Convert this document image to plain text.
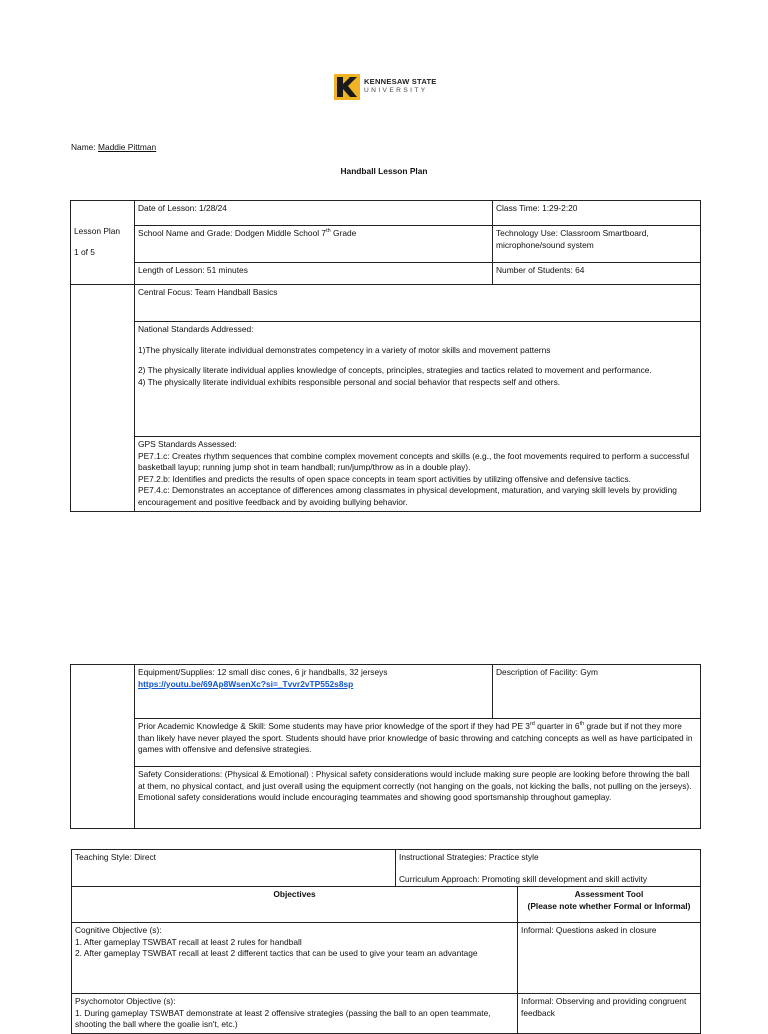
KENNESAW STATE
UNIVERSITY
Name: Maddie Pittman
Handball Lesson Plan
Lesson Plan
1 of 5	Date of Lesson: 1/28/24	Class Time: 1:29-2:20
	School Name and Grade: Dodgen Middle School 7th Grade	Technology Use: Classroom Smartboard, microphone/sound system
	Length of Lesson: 51 minutes	Number of Students: 64
	Central Focus: Team Handball Basics	

	National Standards Addressed:

1)The physically literate individual demonstrates competency in a variety of motor skills and movement patterns

2) The physically literate individual applies knowledge of concepts, principles, strategies and tactics related to movement and performance.

4) The physically literate individual exhibits responsible personal and social behavior that respects self and others.	

	GPS Standards Assessed:

PE7.1.c: Creates rhythm sequences that combine complex movement concepts and skills (e.g., the foot movements required to perform a successful basketball layup; running jump shot in team handball; run/jump/throw as in a double play).

PE7.2.b: Identifies and predicts the results of open space concepts in team sport activities by utilizing offensive and defensive tactics.

PE7.4.c: Demonstrates an acceptance of differences among classmates in physical development, maturation, and varying skill levels by providing encouragement and positive feedback and by avoiding bullying behavior.	

Equipment/Supplies: 12 small disc cones, 6 jr handballs, 32 jerseys

https://youtu.be/69Ap8WsenXc?si=_Tvvr2vTP552s8sp	Description of Facility: Gym
Prior Academic Knowledge & Skill: Some students may have prior knowledge of the sport if they had PE 3rd quarter in 6th grade but if not they more than likely have never played the sport. Students should have prior knowledge of basic throwing and catching concepts as well as have participated in games with offensive and defensive strategies.
Safety Considerations: (Physical & Emotional) : Physical safety considerations would include making sure people are looking before throwing the ball at them, no physical contact, and just overall using the equipment correctly (not hanging on the goals, not kicking the balls, not pulling on the jerseys). Emotional safety considerations would include encouraging teammates and showing good sportsmanship throughout gameplay.
Teaching Style: Direct	Instructional Strategies: Practice style
Curriculum Approach: Promoting skill development and skill activity	

Objectives		Assessment Tool
(Please note whether Formal or Informal)

Cognitive Objective (s):

1. After gameplay TSWBAT recall at least 2 rules for handball

2. After gameplay TSWBAT recall at least 2 different tactics that can be used to give your team an advantage		Informal: Questions asked in closure

Psychomotor Objective (s):

1. During gameplay TSWBAT demonstrate at least 2 offensive strategies (passing the ball to an open teammate, shooting the ball where the goalie isn't, etc.)		Informal: Observing and providing congruent feedback
